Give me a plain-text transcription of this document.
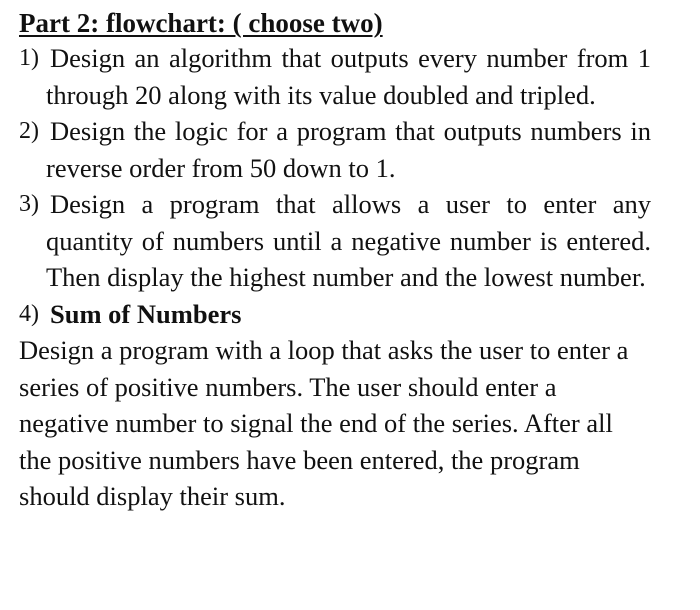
Part 2: flowchart: ( choose two)

1) Design an algorithm that outputs every number from 1 through 20 along with its value doubled and tripled.

2) Design the logic for a program that outputs numbers in reverse order from 50 down to 1.

3) Design a program that allows a user to enter any quantity of numbers until a negative number is entered. Then display the highest number and the lowest number.

4) Sum of Numbers

Design a program with a loop that asks the user to enter a series of positive numbers. The user should enter a negative number to signal the end of the series. After all the positive numbers have been entered, the program should display their sum.
